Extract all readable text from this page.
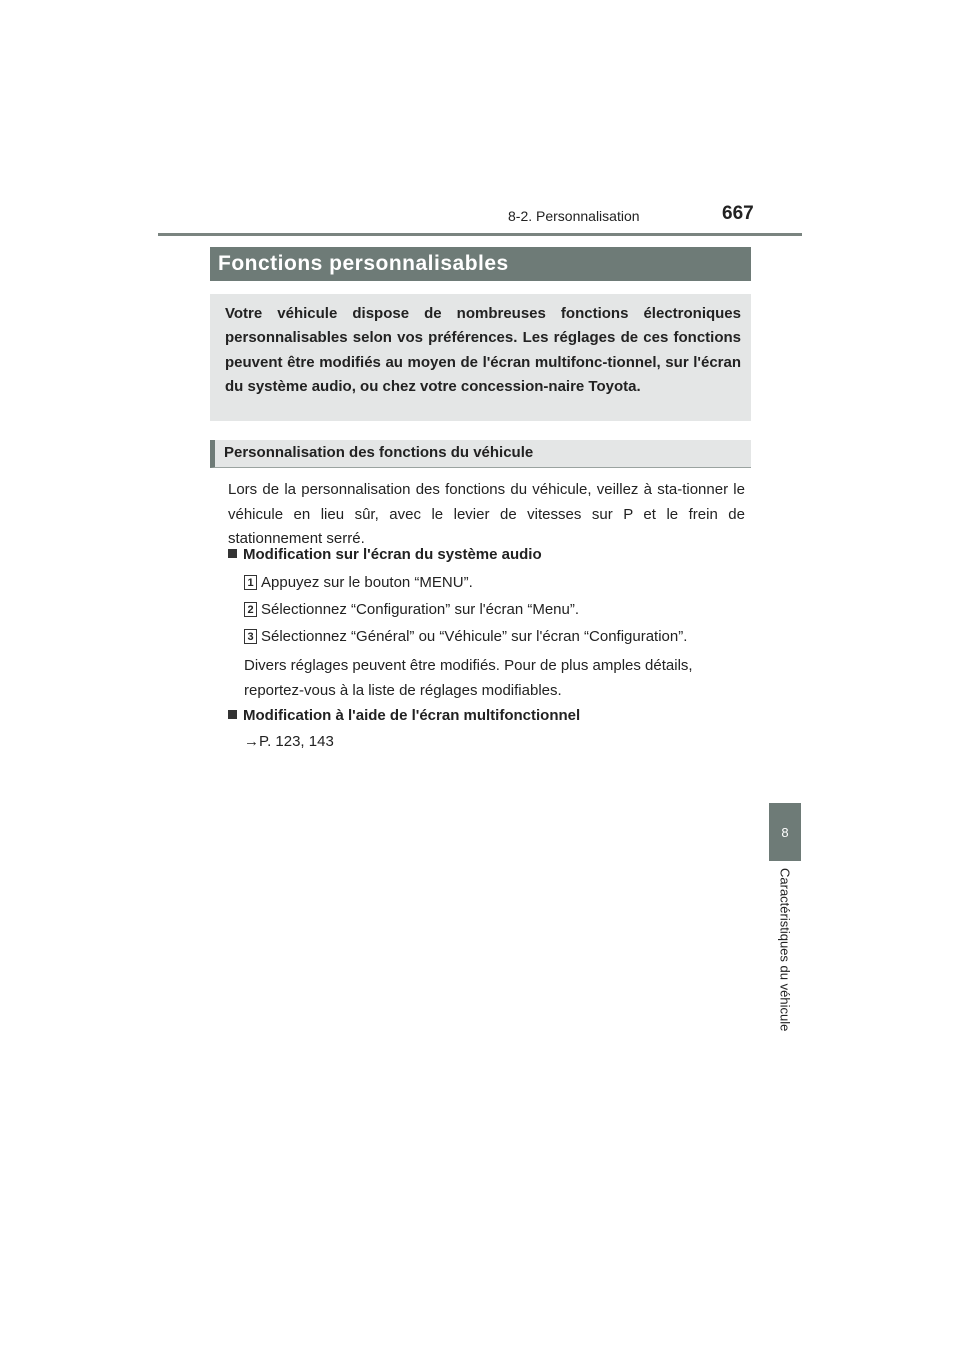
8-2. Personnalisation	667
8
Caractéristiques du véhicule
Fonctions personnalisables
Votre véhicule dispose de nombreuses fonctions électroniques personnalisables selon vos préférences. Les réglages de ces fonctions peuvent être modifiés au moyen de l'écran multifonc-tionnel, sur l'écran du système audio, ou chez votre concession-naire Toyota.
Personnalisation des fonctions du véhicule
Lors de la personnalisation des fonctions du véhicule, veillez à sta-tionner le véhicule en lieu sûr, avec le levier de vitesses sur P et le frein de stationnement serré.
Modification sur l'écran du système audio
1 Appuyez sur le bouton “MENU”.
2 Sélectionnez “Configuration” sur l'écran “Menu”.
3 Sélectionnez “Général” ou “Véhicule” sur l'écran “Configuration”.
Divers réglages peuvent être modifiés. Pour de plus amples détails, reportez-vous à la liste de réglages modifiables.
Modification à l'aide de l'écran multifonctionnel
→P. 123, 143
